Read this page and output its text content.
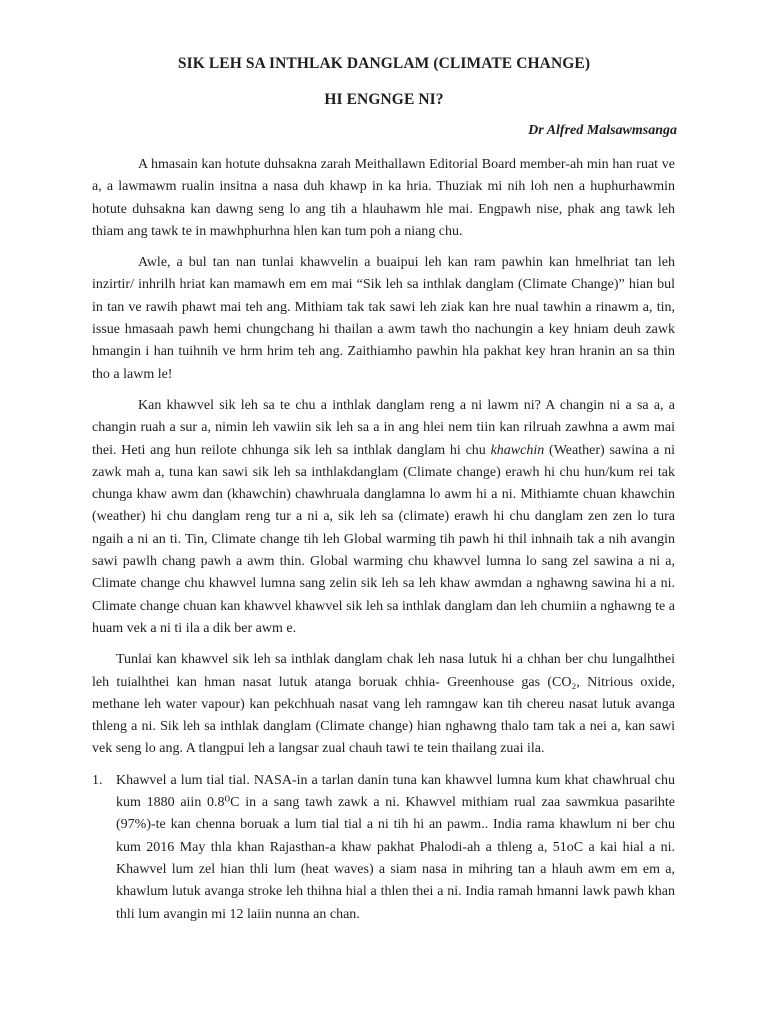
SIK LEH SA INTHLAK DANGLAM (CLIMATE CHANGE)
HI ENGNGE NI?
Dr Alfred Malsawmsanga

A hmasain kan hotute duhsakna zarah Meithallawn Editorial Board member-ah min han ruat ve a, a lawmawm rualin insitna a nasa duh khawp in ka hria. Thuziak mi nih loh nen a huphurhawmin hotute duhsakna kan dawng seng lo ang tih a hlauhawm hle mai. Engpawh nise, phak ang tawk leh thiam ang tawk te in mawhphurhna hlen kan tum poh a niang chu.

Awle, a bul tan nan tunlai khawvelin a buaipui leh kan ram pawhin kan hmelhriat tan leh inzirtir/ inhrilh hriat kan mamawh em em mai “Sik leh sa inthlak danglam (Climate Change)” hian bul in tan ve rawih phawt mai teh ang. Mithiam tak tak sawi leh ziak kan hre nual tawhin a rinawm a, tin, issue hmasaah pawh hemi chungchang hi thailan a awm tawh tho nachungin a key hniam deuh zawk hmangin i han tuihnih ve hrm hrim teh ang. Zaithiamho pawhin hla pakhat key hran hranin an sa thin tho a lawm le!

Kan khawvel sik leh sa te chu a inthlak danglam reng a ni lawm ni? A changin ni a sa a, a changin ruah a sur a, nimin leh vawiin sik leh sa a in ang hlei nem tiin kan rilruah zawhna a awm mai thei. Heti ang hun reilote chhunga sik leh sa inthlak danglam hi chu khawchin (Weather) sawina a ni zawk mah a, tuna kan sawi sik leh sa inthlakdanglam (Climate change) erawh hi chu hun/kum rei tak chunga khaw awm dan (khawchin) chawhruala danglamna lo awm hi a ni. Mithiamte chuan khawchin (weather) hi chu danglam reng tur a ni a, sik leh sa (climate) erawh hi chu danglam zen zen lo tura ngaih a ni an ti. Tin, Climate change tih leh Global warming tih pawh hi thil inhnaih tak a nih avangin sawi pawlh chang pawh a awm thin. Global warming chu khawvel lumna lo sang zel sawina a ni a, Climate change chu khawvel lumna sang zelin sik leh sa leh khaw awmdan a nghawng sawina hi a ni. Climate change chuan kan khawvel khawvel sik leh sa inthlak danglam dan leh chumiin a nghawng te a huam vek a ni ti ila a dik ber awm e.

Tunlai kan khawvel sik leh sa inthlak danglam chak leh nasa lutuk hi a chhan ber chu lungalhthei leh tuialhthei kan hman nasat lutuk atanga boruak chhia- Greenhouse gas (CO₂, Nitrious oxide, methane leh water vapour) kan pekchhuah nasat vang leh ramngaw kan tih chereu nasat lutuk avanga thleng a ni. Sik leh sa inthlak danglam (Climate change) hian nghawng thalo tam tak a nei a, kan sawi vek seng lo ang. A tlangpui leh a langsar zual chauh tawi te tein thailang zuai ila.

1. Khawvel a lum tial tial. NASA-in a tarlan danin tuna kan khawvel lumna kum khat chawhrual chu kum 1880 aiin 0.8⁰C in a sang tawh zawk a ni. Khawvel mithiam rual zaa sawmkua pasarihte (97%)-te kan chenna boruak a lum tial tial a ni tih hi an pawm.. India rama khawlum ni ber chu kum 2016 May thla khan Rajasthan-a khaw pakhat Phalodi-ah a thleng a, 51oC a kai hial a ni. Khawvel lum zel hian thli lum (heat waves) a siam nasa in mihring tan a hlauh awm em em a, khawlum lutuk avanga stroke leh thihna hial a thlen thei a ni. India ramah hmanni lawk pawh khan thli lum avangin mi 12 laiin nunna an chan.
